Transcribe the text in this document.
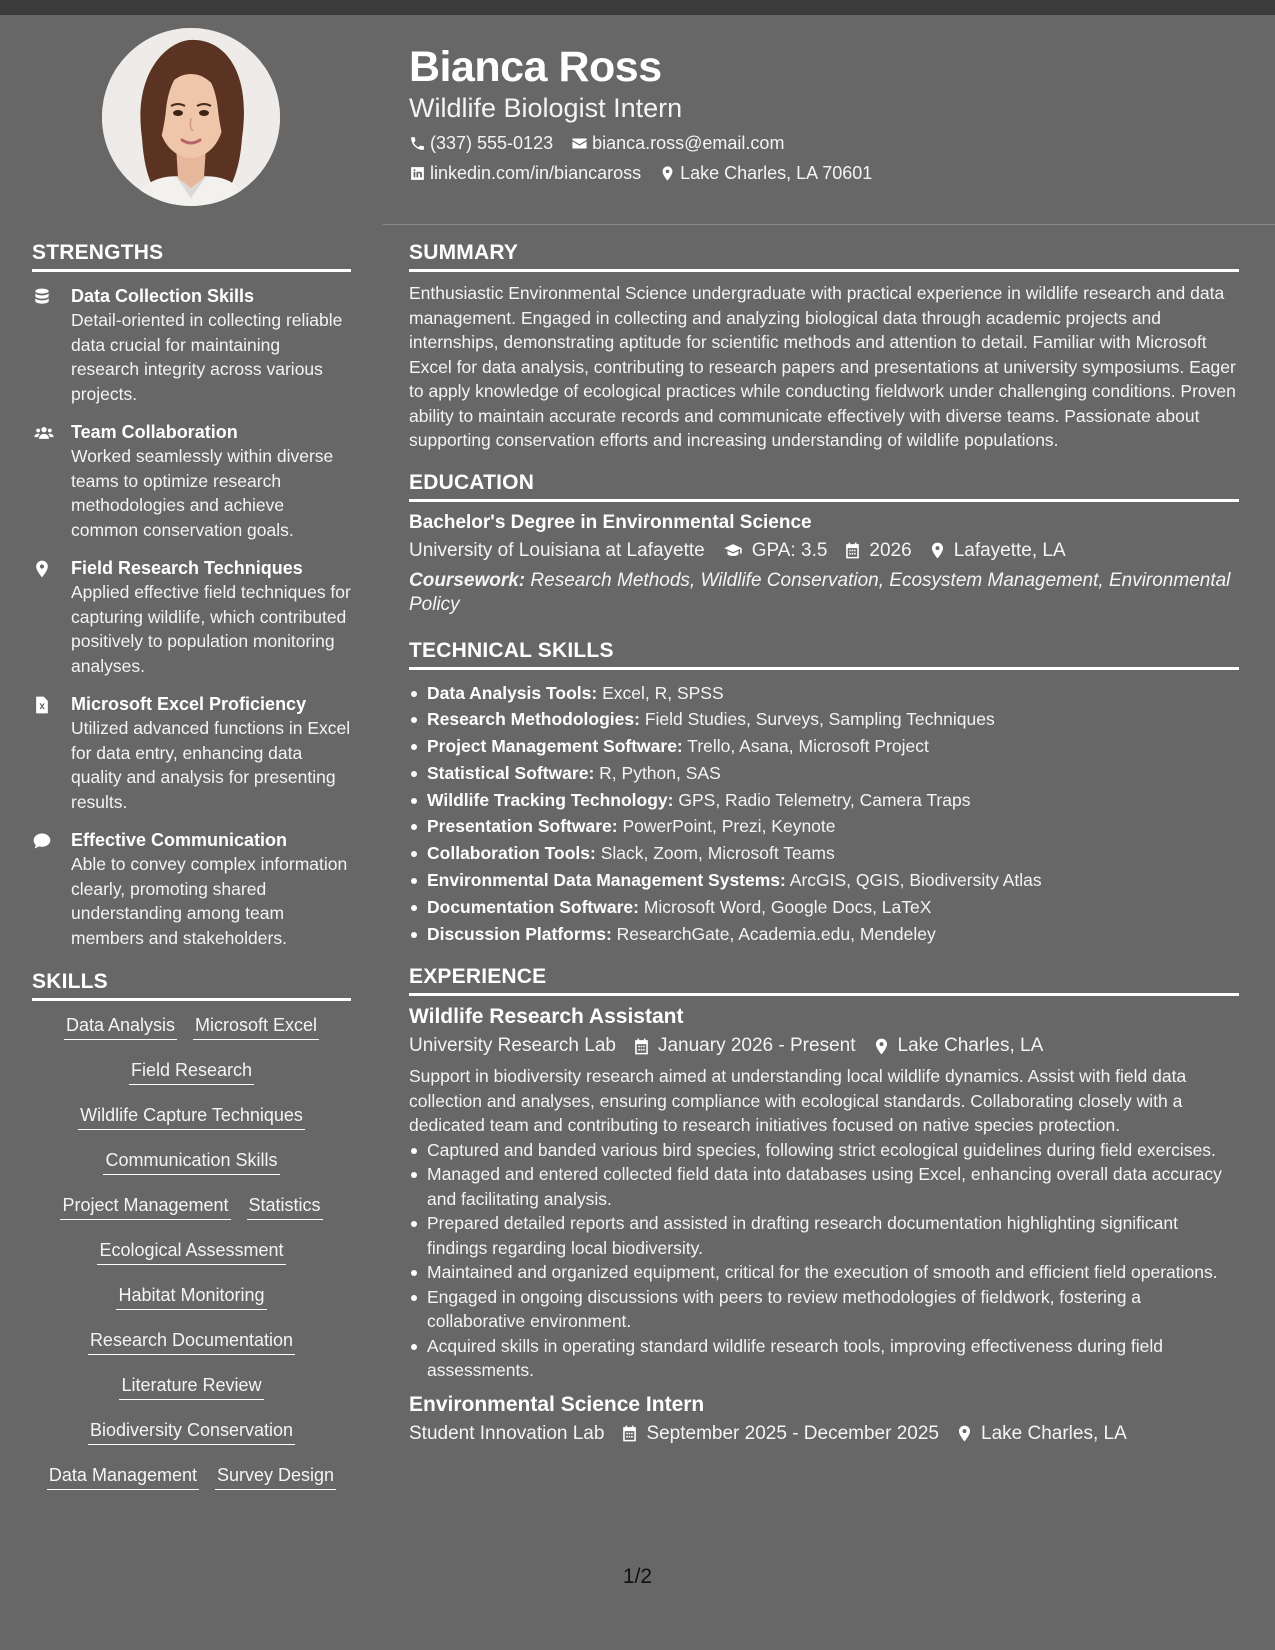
Bianca Ross
Wildlife Biologist Intern
(337) 555-0123 bianca.ross@email.com
linkedin.com/in/biancaross Lake Charles, LA 70601
STRENGTHS
Data Collection Skills
Detail-oriented in collecting reliable data crucial for maintaining research integrity across various projects.
Team Collaboration
Worked seamlessly within diverse teams to optimize research methodologies and achieve common conservation goals.
Field Research Techniques
Applied effective field techniques for capturing wildlife, which contributed positively to population monitoring analyses.
Microsoft Excel Proficiency
Utilized advanced functions in Excel for data entry, enhancing data quality and analysis for presenting results.
Effective Communication
Able to convey complex information clearly, promoting shared understanding among team members and stakeholders.
SKILLS
Data Analysis Microsoft Excel
Field Research
Wildlife Capture Techniques
Communication Skills
Project Management Statistics
Ecological Assessment
Habitat Monitoring
Research Documentation
Literature Review
Biodiversity Conservation
Data Management Survey Design
SUMMARY
Enthusiastic Environmental Science undergraduate with practical experience in wildlife research and data management. Engaged in collecting and analyzing biological data through academic projects and internships, demonstrating aptitude for scientific methods and attention to detail. Familiar with Microsoft Excel for data analysis, contributing to research papers and presentations at university symposiums. Eager to apply knowledge of ecological practices while conducting fieldwork under challenging conditions. Proven ability to maintain accurate records and communicate effectively with diverse teams. Passionate about supporting conservation efforts and increasing understanding of wildlife populations.
EDUCATION
Bachelor's Degree in Environmental Science
University of Louisiana at Lafayette GPA: 3.5 2026 Lafayette, LA
Coursework: Research Methods, Wildlife Conservation, Ecosystem Management, Environmental Policy
TECHNICAL SKILLS
Data Analysis Tools: Excel, R, SPSS
Research Methodologies: Field Studies, Surveys, Sampling Techniques
Project Management Software: Trello, Asana, Microsoft Project
Statistical Software: R, Python, SAS
Wildlife Tracking Technology: GPS, Radio Telemetry, Camera Traps
Presentation Software: PowerPoint, Prezi, Keynote
Collaboration Tools: Slack, Zoom, Microsoft Teams
Environmental Data Management Systems: ArcGIS, QGIS, Biodiversity Atlas
Documentation Software: Microsoft Word, Google Docs, LaTeX
Discussion Platforms: ResearchGate, Academia.edu, Mendeley
EXPERIENCE
Wildlife Research Assistant
University Research Lab January 2026 - Present Lake Charles, LA
Support in biodiversity research aimed at understanding local wildlife dynamics. Assist with field data collection and analyses, ensuring compliance with ecological standards. Collaborating closely with a dedicated team and contributing to research initiatives focused on native species protection.
Captured and banded various bird species, following strict ecological guidelines during field exercises.
Managed and entered collected field data into databases using Excel, enhancing overall data accuracy and facilitating analysis.
Prepared detailed reports and assisted in drafting research documentation highlighting significant findings regarding local biodiversity.
Maintained and organized equipment, critical for the execution of smooth and efficient field operations.
Engaged in ongoing discussions with peers to review methodologies of fieldwork, fostering a collaborative environment.
Acquired skills in operating standard wildlife research tools, improving effectiveness during field assessments.
Environmental Science Intern
Student Innovation Lab September 2025 - December 2025 Lake Charles, LA
1/2
